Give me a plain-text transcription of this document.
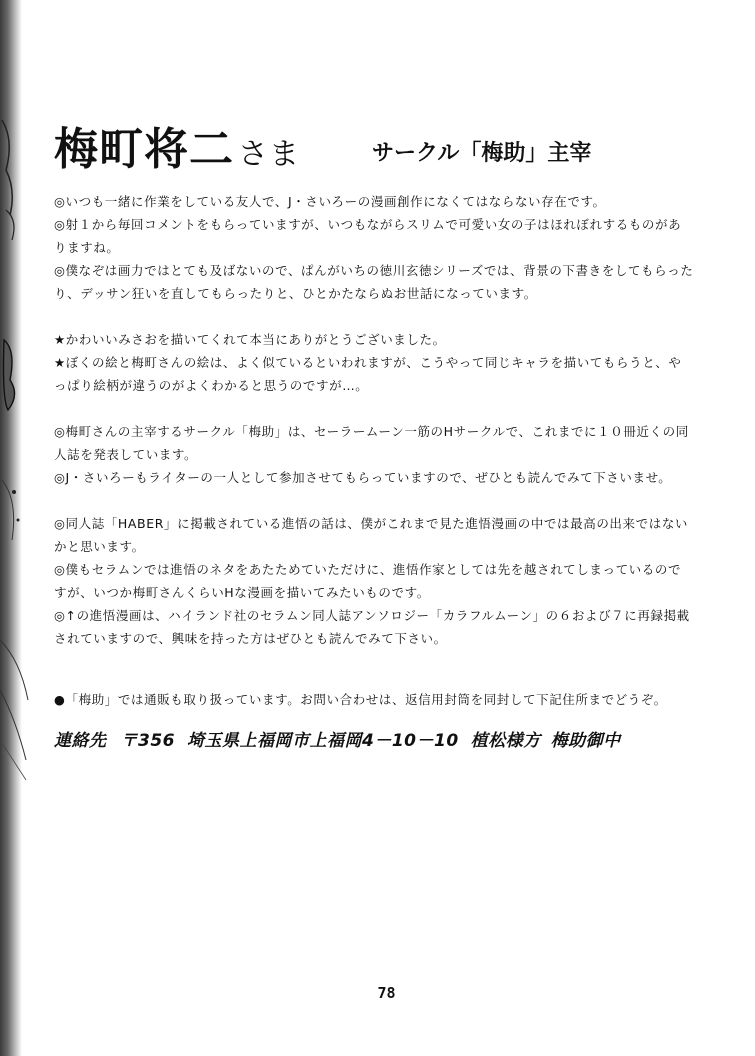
梅町将二 さま	サークル「梅助」主宰

◎いつも一緒に作業をしている友人で、J・さいろーの漫画創作になくてはならない存在です。

◎射１から毎回コメントをもらっていますが、いつもながらスリムで可愛い女の子はほれぼれするものがありますね。

◎僕なぞは画力ではとても及ばないので、ぱんがいちの徳川玄徳シリーズでは、背景の下書きをしてもらったり、デッサン狂いを直してもらったりと、ひとかたならぬお世話になっています。

★かわいいみさおを描いてくれて本当にありがとうございました。

★ぼくの絵と梅町さんの絵は、よく似ているといわれますが、こうやって同じキャラを描いてもらうと、やっぱり絵柄が違うのがよくわかると思うのですが…。

◎梅町さんの主宰するサークル「梅助」は、セーラームーン一筋のHサークルで、これまでに１０冊近くの同人誌を発表しています。

◎J・さいろーもライターの一人として参加させてもらっていますので、ぜひとも読んでみて下さいませ。

◎同人誌「HABER」に掲載されている進悟の話は、僕がこれまで見た進悟漫画の中では最高の出来ではないかと思います。

◎僕もセラムンでは進悟のネタをあたためていただけに、進悟作家としては先を越されてしまっているのですが、いつか梅町さんくらいHな漫画を描いてみたいものです。

◎↑の進悟漫画は、ハイランド社のセラムン同人誌アンソロジー「カラフルムーン」の６および７に再録掲載されていますので、興味を持った方はぜひとも読んでみて下さい。

●「梅助」では通販も取り扱っています。お問い合わせは、返信用封筒を同封して下記住所までどうぞ。

連絡先 〒356 埼玉県上福岡市上福岡4－10－10 植松様方 梅助御中
78
